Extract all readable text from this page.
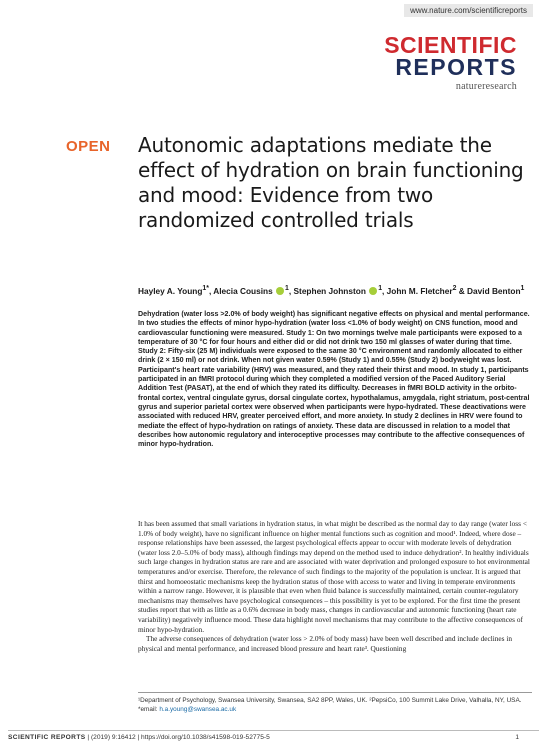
www.nature.com/scientificreports
SCIENTIFIC
REPORTS
natureresearch
OPEN Autonomic adaptations mediate the effect of hydration on brain functioning and mood: Evidence from two randomized controlled trials
Hayley A. Young$^{1*}$, Alecia Cousins $^1$, Stephen Johnston $^1$, John M. Fletcher$^2$ & David Benton$^1$

Dehydration (water loss >2.0% of body weight) has significant negative effects on physical and mental performance. In two studies the effects of minor hypo-hydration (water loss <1.0% of body weight) on CNS function, mood and cardiovascular functioning were measured. Study 1: On two mornings twelve male participants were exposed to a temperature of 30 °C for four hours and either did or did not drink two 150 ml glasses of water during that time. Study 2: Fifty-six (25 M) individuals were exposed to the same 30 °C environment and randomly allocated to either drink (2 × 150 ml) or not drink. When not given water 0.59% (Study 1) and 0.55% (Study 2) bodyweight was lost. Participant's heart rate variability (HRV) was measured, and they rated their thirst and mood. In study 1, participants participated in an fMRI protocol during which they completed a modified version of the Paced Auditory Serial Addition Test (PASAT), at the end of which they rated its difficulty. Decreases in fMRI BOLD activity in the orbito-frontal cortex, ventral cingulate gyrus, dorsal cingulate cortex, hypothalamus, amygdala, right striatum, post-central gyrus and superior parietal cortex were observed when participants were hypo-hydrated. These deactivations were associated with reduced HRV, greater perceived effort, and more anxiety. In study 2 declines in HRV were found to mediate the effect of hypo-hydration on ratings of anxiety. These data are discussed in relation to a model that describes how autonomic regulatory and interoceptive processes may contribute to the affective consequences of minor hypo-hydration.

It has been assumed that small variations in hydration status, in what might be described as the normal day to day range (water loss < 1.0% of body weight), have no significant influence on higher mental functions such as cognition and mood¹. Indeed, where dose – response relationships have been assessed, the largest psychological effects appear to occur with moderate levels of dehydration (water loss 2.0–5.0% of body mass), although findings may depend on the method used to induce dehydration². In healthy individuals such large changes in hydration status are rare and are associated with water deprivation and prolonged exposure to hot environmental temperatures and/or exercise. Therefore, the relevance of such findings to the majority of the population is unclear. It is argued that thirst and homoeostatic mechanisms keep the hydration status of those with access to water and living in temperate environments within a narrow range. However, it is plausible that even when fluid balance is successfully maintained, certain counter-regulatory mechanisms may themselves have psychological consequences – this possibility is yet to be explored. For the first time the present studies report that with as little as a 0.6% decrease in body mass, changes in cardiovascular and autonomic functioning (heart rate variability) negatively influence mood. These data highlight novel mechanisms that may contribute to the affective consequences of minor hypo-hydration.

The adverse consequences of dehydration (water loss > 2.0% of body mass) have been well described and include declines in physical and mental performance, and increased blood pressure and heart rate³. Questioning

¹Department of Psychology, Swansea University, Swansea, SA2 8PP, Wales, UK. ²PepsiCo, 100 Summit Lake Drive, Valhalla, NY, USA. *email: h.a.young@swansea.ac.uk

SCIENTIFIC REPORTS | (2019) 9:16412 | https://doi.org/10.1038/s41598-019-52775-5	1
